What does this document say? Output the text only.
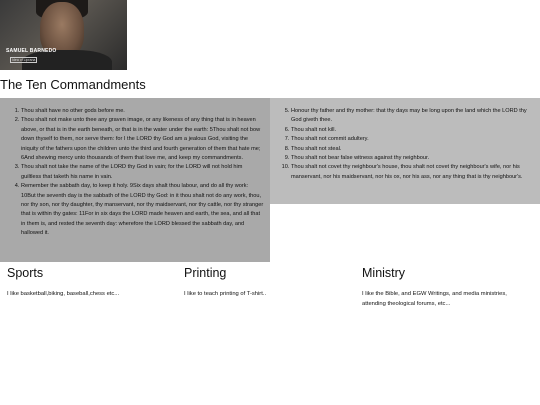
SAMUEL BARNEDO
Idea of Liprana
The Ten Commandments
1. Thou shalt have no other gods before me.
2. Thou shalt not make unto thee any graven image, or any likeness of any thing that is in heaven above, or that is in the earth beneath, or that is in the water under the earth: 5Thou shalt not bow down thyself to them, nor serve them: for I the LORD thy God am a jealous God, visiting the iniquity of the fathers upon the children unto the third and fourth generation of them that hate me; 6And shewing mercy unto thousands of them that love me, and keep my commandments.
3. Thou shalt not take the name of the LORD thy God in vain; for the LORD will not hold him guiltless that taketh his name in vain.
4. Remember the sabbath day, to keep it holy. 9Six days shalt thou labour, and do all thy work: 10But the seventh day is the sabbath of the LORD thy God: in it thou shalt not do any work, thou, nor thy son, nor thy daughter, thy manservant, nor thy maidservant, nor thy cattle, nor thy stranger that is within thy gates: 11For in six days the LORD made heaven and earth, the sea, and all that in them is, and rested the seventh day: wherefore the LORD blessed the sabbath day, and hallowed it.
5. Honour thy father and thy mother: that thy days may be long upon the land which the LORD thy God giveth thee.
6. Thou shalt not kill.
7. Thou shalt not commit adultery.
8. Thou shalt not steal.
9. Thou shalt not bear false witness against thy neighbour.
10. Thou shalt not covet thy neighbour's house, thou shalt not covet thy neighbour's wife, nor his manservant, nor his maidservant, nor his ox, nor his ass, nor any thing that is thy neighbour's.
Sports

I like basketball,biking, baseball,chess etc...

Printing

I like to teach printing of T-shirt..

Ministry

I like the Bible, and EGW Writings, and media ministries, attending theological forums, etc...
